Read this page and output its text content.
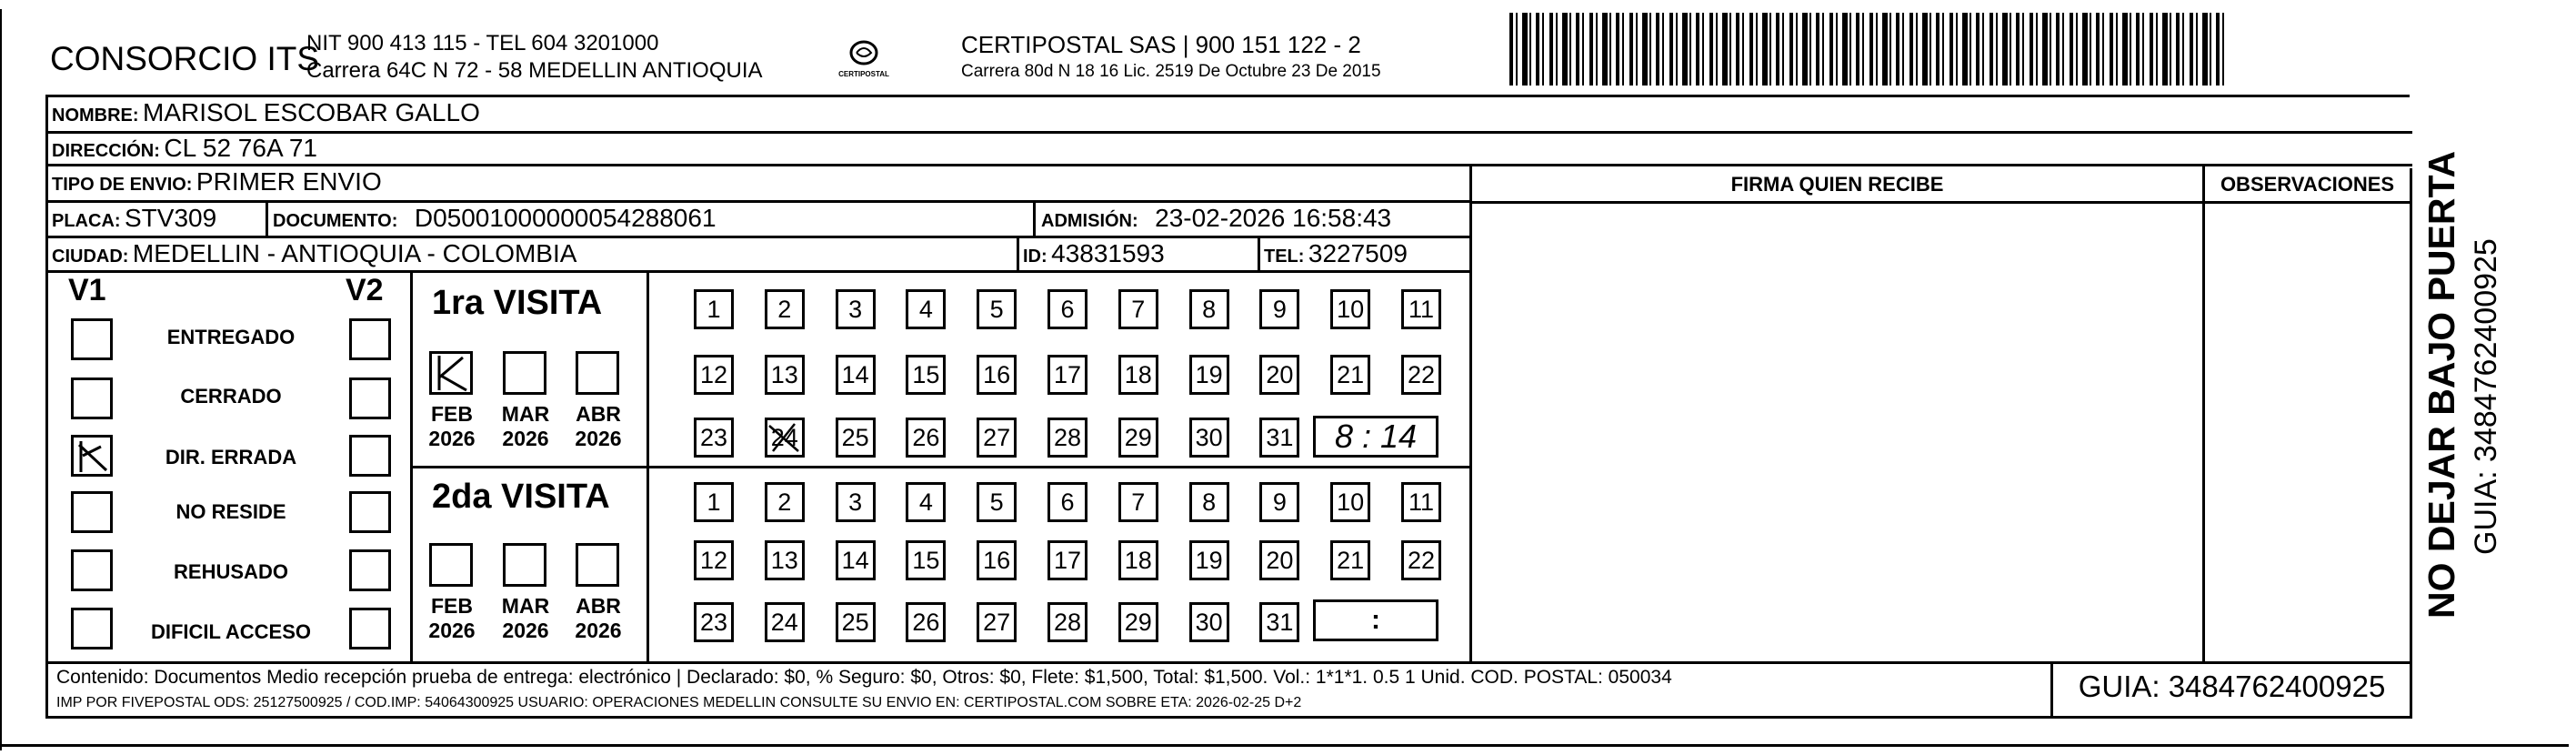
CONSORCIO ITS
NIT 900 413 115 - TEL 604 3201000
Carrera 64C N 72 - 58 MEDELLIN ANTIOQUIA	CERTIPOSTAL
CERTIPOSTAL SAS | 900 151 122 - 2
Carrera 80d N 18 16 Lic. 2519 De Octubre 23 De 2015
FIRMA QUIEN RECIBE	OBSERVACIONES
NOMBRE: MARISOL ESCOBAR GALLO
DIRECCIÓN: CL 52 76A 71
TIPO DE ENVIO: PRIMER ENVIO
PLACA: STV309	DOCUMENTO: D05001000000054288061	ADMISIÓN: 23-02-2026 16:58:43
CIUDAD: MEDELLIN - ANTIOQUIA - COLOMBIA	ID: 43831593	TEL: 3227509
V1	V2
ENTREGADO
CERRADO
DIR. ERRADA
NO RESIDE
REHUSADO
DIFICIL ACCESO
1ra VISITA
FEB
2026
MAR
2026
ABR
2026
1	2	3	4	5	6	7	8	9	10 11
12 13 14 15 16 17 18 19 20 21 22
23 24 25 26 27 28 29 30 31	8 : 14
2da VISITA
FEB
2026
MAR
2026
ABR
2026
1	2	3	4	5	6	7	8	9	10 11
12 13 14 15 16 17 18 19 20 21 22
23 24 25 26 27 28 29 30 31	:
Contenido: Documentos Medio recepción prueba de entrega: electrónico | Declarado: $0, % Seguro: $0, Otros: $0, Flete: $1,500, Total: $1,500. Vol.: 1*1*1. 0.5 1 Unid. COD. POSTAL: 050034
IMP POR FIVEPOSTAL ODS: 25127500925 / COD.IMP: 54064300925 USUARIO: OPERACIONES MEDELLIN CONSULTE SU ENVIO EN: CERTIPOSTAL.COM SOBRE ETA: 2026-02-25 D+2	GUIA: 3484762400925
NO DEJAR BAJO PUERTA GUIA: 3484762400925
